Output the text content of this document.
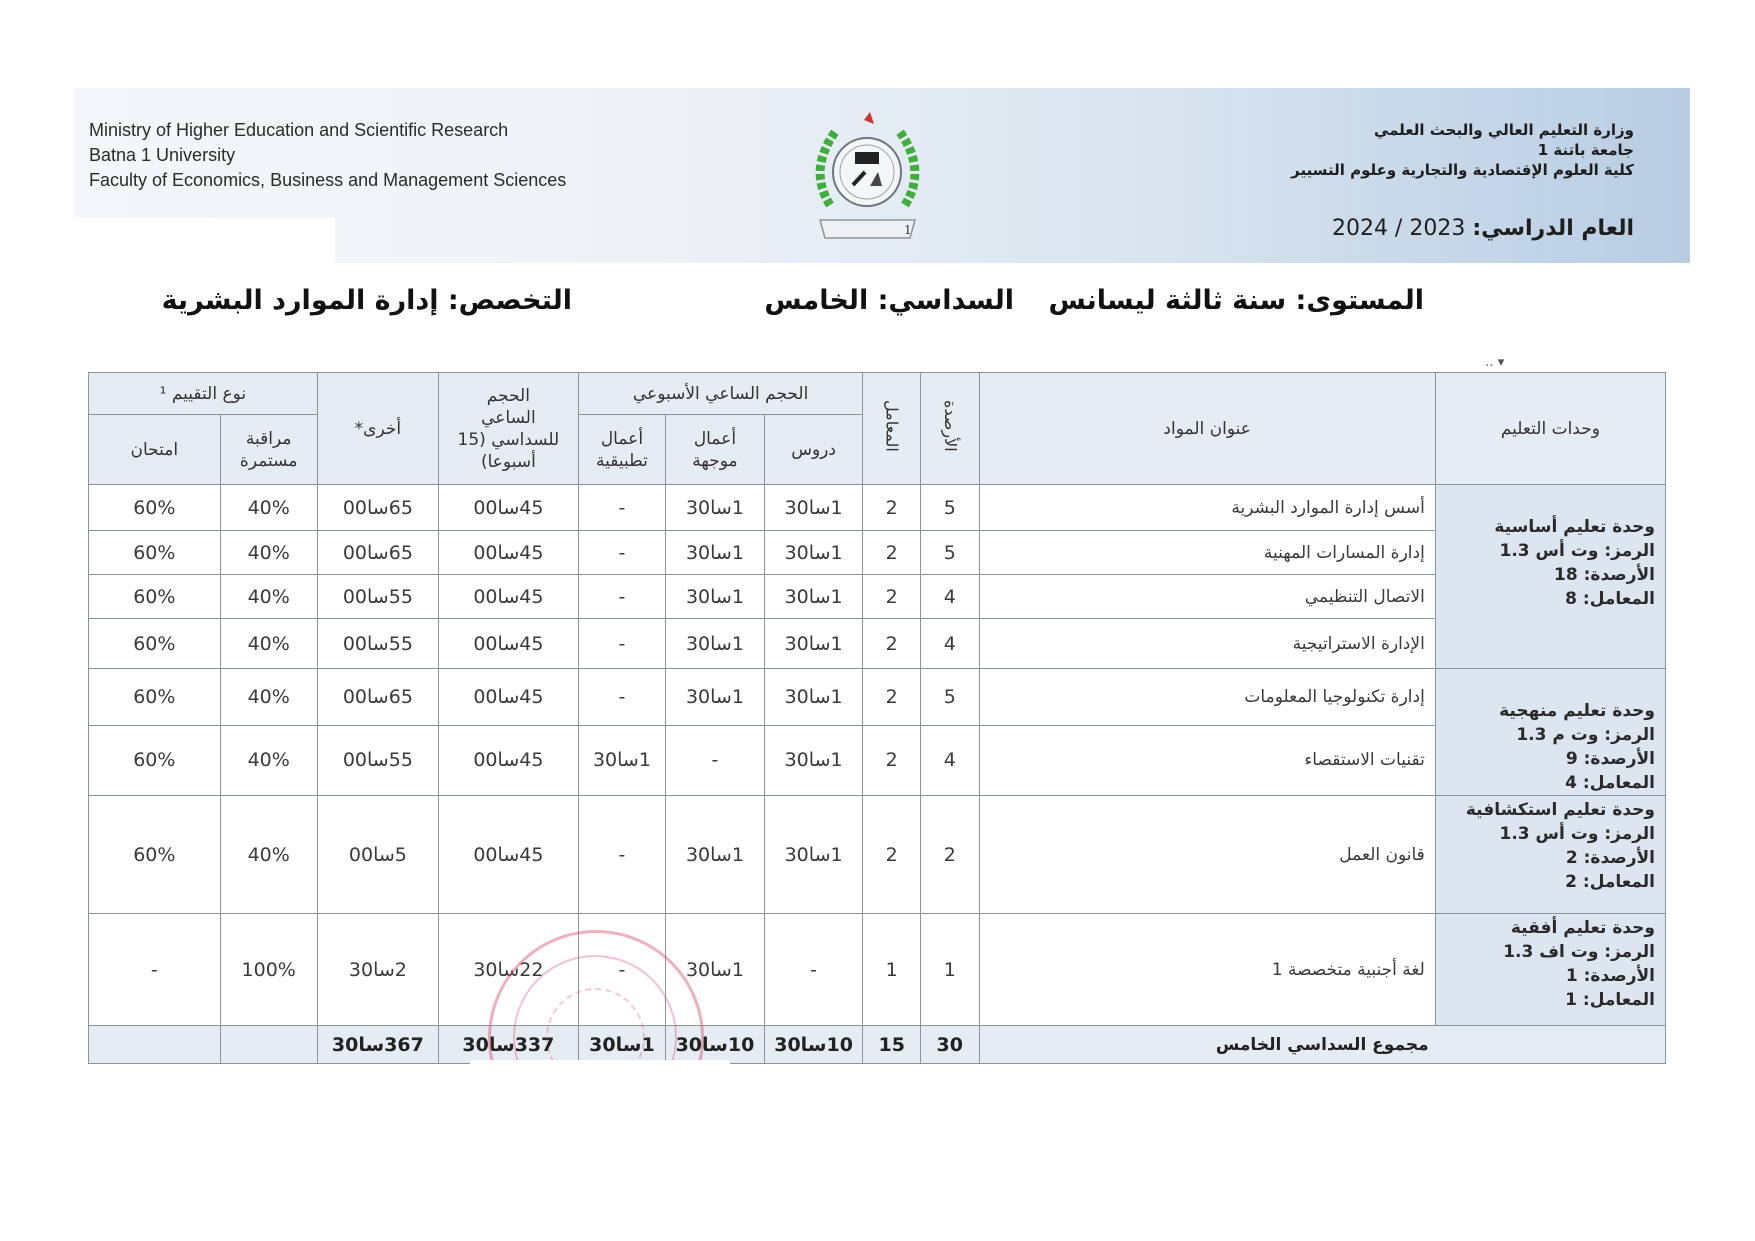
Ministry of Higher Education and Scientific Research
Batna 1 University
Faculty of Economics, Business and Management Sciences
1
وزارة التعليم العالي والبحث العلمي
جامعة باتنة 1
كلية العلوم الإقتصادية والتجارية وعلوم التسيير
العام الدراسي: 2024 / 2023
المستوى: سنة ثالثة ليسانس
السداسي: الخامس
التخصص: إدارة الموارد البشرية
‥ ▾
وحدات التعليم	عنوان المواد	الأرصدة	المعامل	الحجم الساعي الأسبوعي			الحجم الساعي للسداسي (15 أسبوعا)	أخرى*	نوع التقييم ¹	
				دروس	أعمال موجهة	أعمال تطبيقية			مراقبة مستمرة	امتحان

وحدة تعليم أساسية
الرمز: وت أس 1.3
الأرصدة: 18
المعامل: 8	أسس إدارة الموارد البشرية	5	2	1سا30	1سا30	-	45سا00	65سا00	40%	60%
	إدارة المسارات المهنية	5	2	1سا30	1سا30	-	45سا00	65سا00	40%	60%
	الاتصال التنظيمي	4	2	1سا30	1سا30	-	45سا00	55سا00	40%	60%
	الإدارة الاستراتيجية	4	2	1سا30	1سا30	-	45سا00	55سا00	40%	60%

وحدة تعليم منهجية
الرمز: وت م 1.3
الأرصدة: 9
المعامل: 4	إدارة تكنولوجيا المعلومات	5	2	1سا30	1سا30	-	45سا00	65سا00	40%	60%
	تقنيات الاستقصاء	4	2	1سا30	-	1سا30	45سا00	55سا00	40%	60%

وحدة تعليم استكشافية
الرمز: وت أس 1.3
الأرصدة: 2
المعامل: 2	قانون العمل	2	2	1سا30	1سا30	-	45سا00	5سا00	40%	60%

وحدة تعليم أفقية
الرمز: وت اف 1.3
الأرصدة: 1
المعامل: 1	لغة أجنبية متخصصة 1	1	1	-	1سا30	-	22سا30	2سا30	100%	-
مجموع السداسي الخامس		30	15	10سا30	10سا30	1سا30	337سا30	367سا30		
